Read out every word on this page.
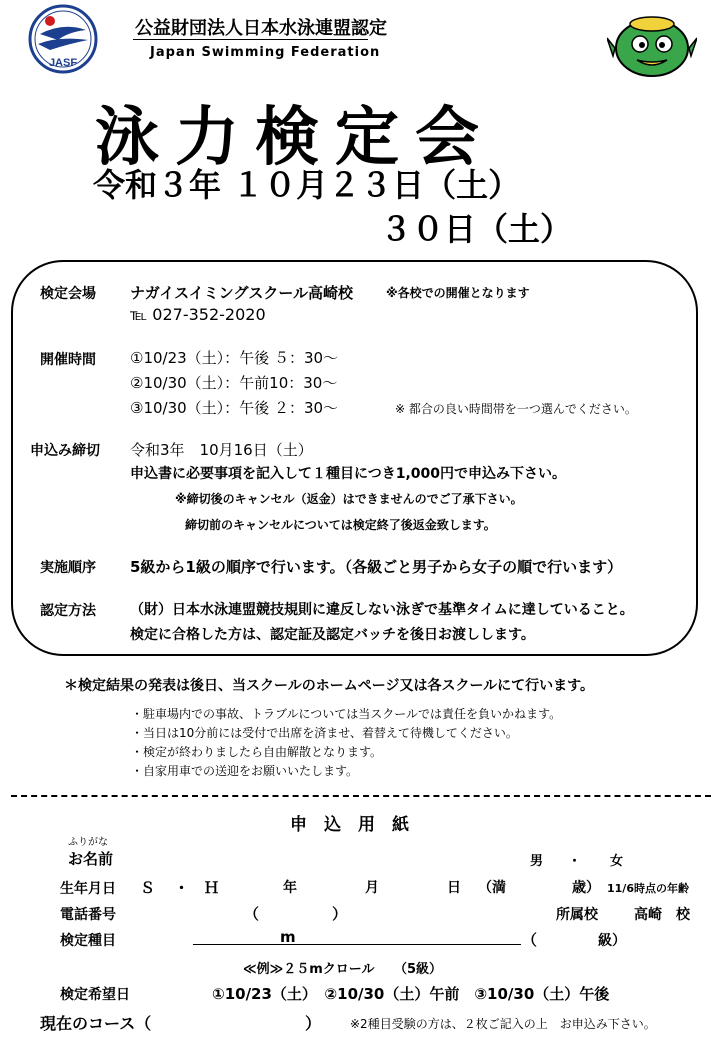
JASF
公益財団法人日本水泳連盟認定
Japan Swimming Federation
泳力検定会
令和３年 １０月２３日（土）
３０日（土）
検定会場 ナガイスイミングスクール高崎校	※各校での開催となります
℡ 027-352-2020
開催時間 ①10/23（土）：午後 ５：30～
②10/30（土）：午前10：30～
③10/30（土）：午後 ２：30～	※ 都合の良い時間帯を一つ選んでください。
申込み締切 令和3年　10月16日（土）
申込書に必要事項を記入して１種目につき1,000円で申込み下さい。
※締切後のキャンセル（返金）はできませんのでご了承下さい。
締切前のキャンセルについては検定終了後返金致します。
実施順序 5級から1級の順序で行います。（各級ごと男子から女子の順で行います）
認定方法 （財）日本水泳連盟競技規則に違反しない泳ぎで基準タイムに達していること。
検定に合格した方は、認定証及認定バッチを後日お渡しします。
＊検定結果の発表は後日、当スクールのホームページ又は各スクールにて行います。
・駐車場内での事故、トラブルについては当スクールでは責任を負いかねます。
・当日は10分前には受付で出席を済ませ、着替えて待機してください。
・検定が終わりましたら自由解散となります。
・自家用車での送迎をお願いいたします。
申　込　用　紙
ふりがな
お名前	男 ・ 女
生年月日 Ｓ ・ Ｈ	年	月	日 （満	歳） 11/6時点の年齢
電話番号	（	）	所属校	高崎　校
検定種目	m	（	級）
≪例≫２５mクロール　　（5級）
検定希望日	①10/23（土）　②10/30（土）午前　③10/30（土）午後
現在のコース（	） ※2種目受験の方は、２枚ご記入の上　お申込み下さい。
